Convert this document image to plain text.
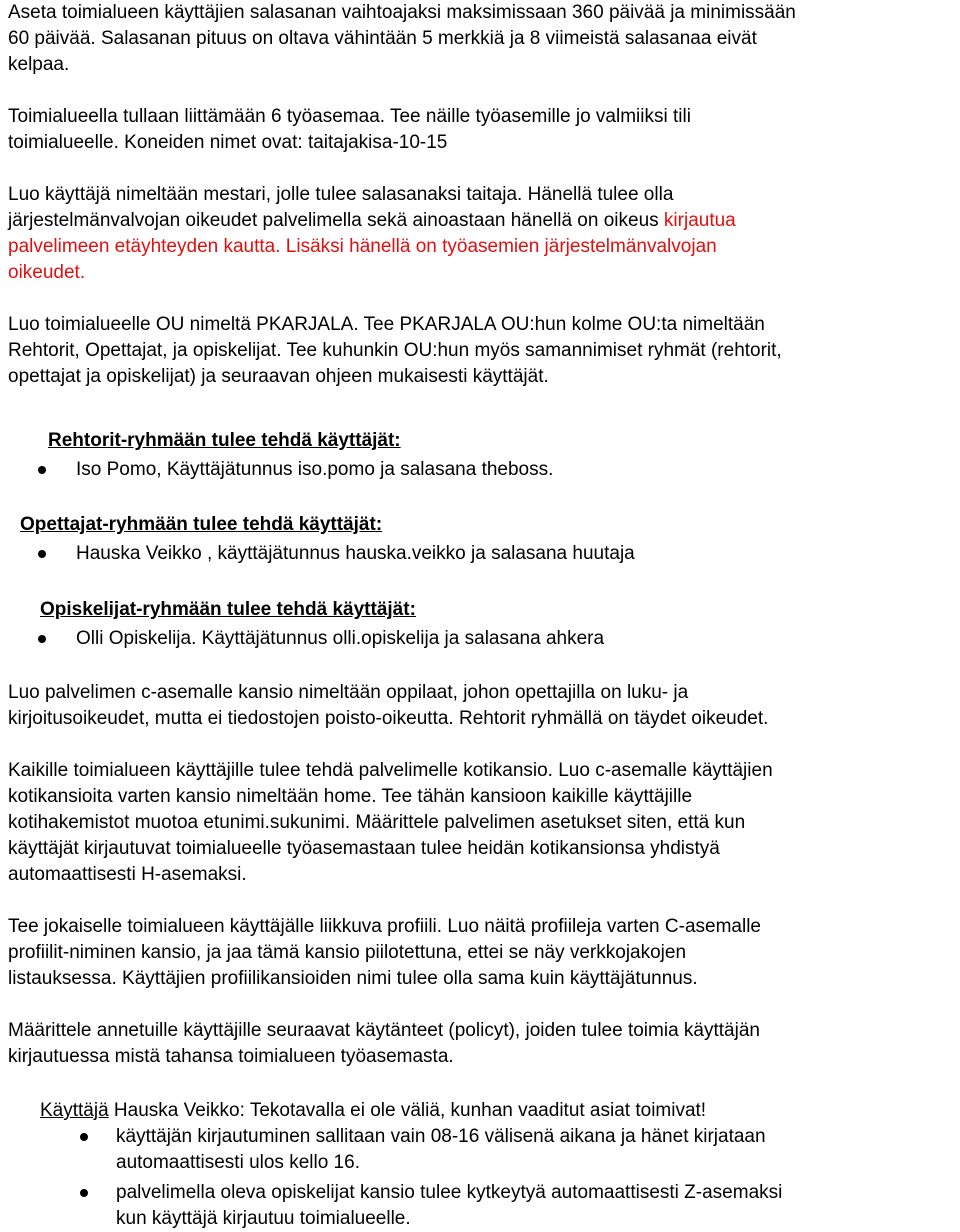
Aseta toimialueen käyttäjien salasanan vaihtoajaksi maksimissaan 360 päivää ja minimissään
60 päivää. Salasanan pituus on oltava vähintään 5 merkkiä ja 8 viimeistä salasanaa eivät
kelpaa.

Toimialueella tullaan liittämään 6 työasemaa. Tee näille työasemille jo valmiiksi tili
toimialueelle. Koneiden nimet ovat: taitajakisa-10-15

Luo käyttäjä nimeltään mestari, jolle tulee salasanaksi taitaja. Hänellä tulee olla
järjestelmänvalvojan oikeudet palvelimella sekä ainoastaan hänellä on oikeus kirjautua
palvelimeen etäyhteyden kautta. Lisäksi hänellä on työasemien järjestelmänvalvojan
oikeudet.

Luo toimialueelle OU nimeltä PKARJALA. Tee PKARJALA OU:hun kolme OU:ta nimeltään
Rehtorit, Opettajat, ja opiskelijat. Tee kuhunkin OU:hun myös samannimiset ryhmät (rehtorit,
opettajat ja opiskelijat) ja seuraavan ohjeen mukaisesti käyttäjät.

Rehtorit-ryhmään tulee tehdä käyttäjät:

Iso Pomo, Käyttäjätunnus iso.pomo ja salasana theboss.

Opettajat-ryhmään tulee tehdä käyttäjät:

Hauska Veikko , käyttäjätunnus hauska.veikko ja salasana huutaja

Opiskelijat-ryhmään tulee tehdä käyttäjät:

Olli Opiskelija. Käyttäjätunnus olli.opiskelija ja salasana ahkera

Luo palvelimen c-asemalle kansio nimeltään oppilaat, johon opettajilla on luku- ja
kirjoitusoikeudet, mutta ei tiedostojen poisto-oikeutta. Rehtorit ryhmällä on täydet oikeudet.

Kaikille toimialueen käyttäjille tulee tehdä palvelimelle kotikansio. Luo c-asemalle käyttäjien
kotikansioita varten kansio nimeltään home. Tee tähän kansioon kaikille käyttäjille
kotihakemistot muotoa etunimi.sukunimi. Määrittele palvelimen asetukset siten, että kun
käyttäjät kirjautuvat toimialueelle työasemastaan tulee heidän kotikansionsa yhdistyä
automaattisesti H-asemaksi.

Tee jokaiselle toimialueen käyttäjälle liikkuva profiili. Luo näitä profiileja varten C-asemalle
profiilit-niminen kansio, ja jaa tämä kansio piilotettuna, ettei se näy verkkojakojen
listauksessa. Käyttäjien profiilikansioiden nimi tulee olla sama kuin käyttäjätunnus.

Määrittele annetuille käyttäjille seuraavat käytänteet (policyt), joiden tulee toimia käyttäjän
kirjautuessa mistä tahansa toimialueen työasemasta.

Käyttäjä Hauska Veikko: Tekotavalla ei ole väliä, kunhan vaaditut asiat toimivat!

käyttäjän kirjautuminen sallitaan vain 08-16 välisenä aikana ja hänet kirjataan
automaattisesti ulos kello 16.

palvelimella oleva opiskelijat kansio tulee kytkeytyä automaattisesti Z-asemaksi
kun käyttäjä kirjautuu toimialueelle.
